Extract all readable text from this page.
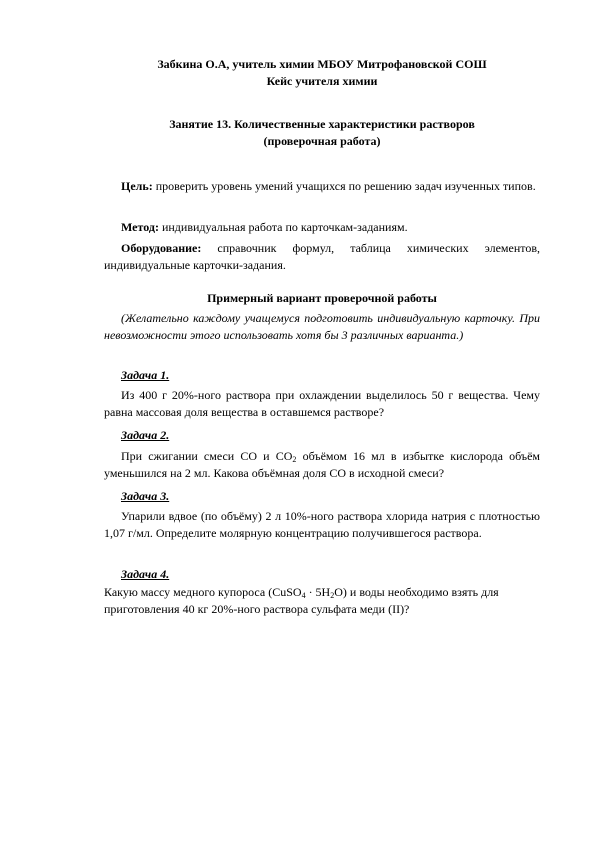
Забкина О.А, учитель химии МБОУ Митрофановской СОШ

Кейс учителя химии

Занятие 13. Количественные характеристики растворов

(проверочная работа)

Цель: проверить уровень умений учащихся по решению задач изученных типов.
Метод: индивидуальная работа по карточкам-заданиям.
Оборудование: справочник формул, таблица химических элементов, индивидуальные карточки-задания.

Примерный вариант проверочной работы

(Желательно каждому учащемуся подготовить индивидуальную карточку. При невозможности этого использовать хотя бы 3 различных варианта.)

Задача 1.

Из 400 г 20%-ного раствора при охлаждении выделилось 50 г вещества. Чему равна массовая доля вещества в оставшемся растворе?

Задача 2.
При сжигании смеси CO и $CO_2$ объёмом 16 мл в избытке кислорода объём уменьшился на 2 мл. Какова объёмная доля CO в исходной смеси?
Задача 3.

Упарили вдвое (по объёму) 2 л 10%-ного раствора хлорида натрия с плотностью 1,07 г/мл. Определите молярную концентрацию получившегося раствора.

Задача 4.
Какую массу медного купороса (CuSO$_4$ · $5H_2O$) и воды необходимо взять для приготовления 40 кг 20%-ного раствора сульфата меди (II)?
